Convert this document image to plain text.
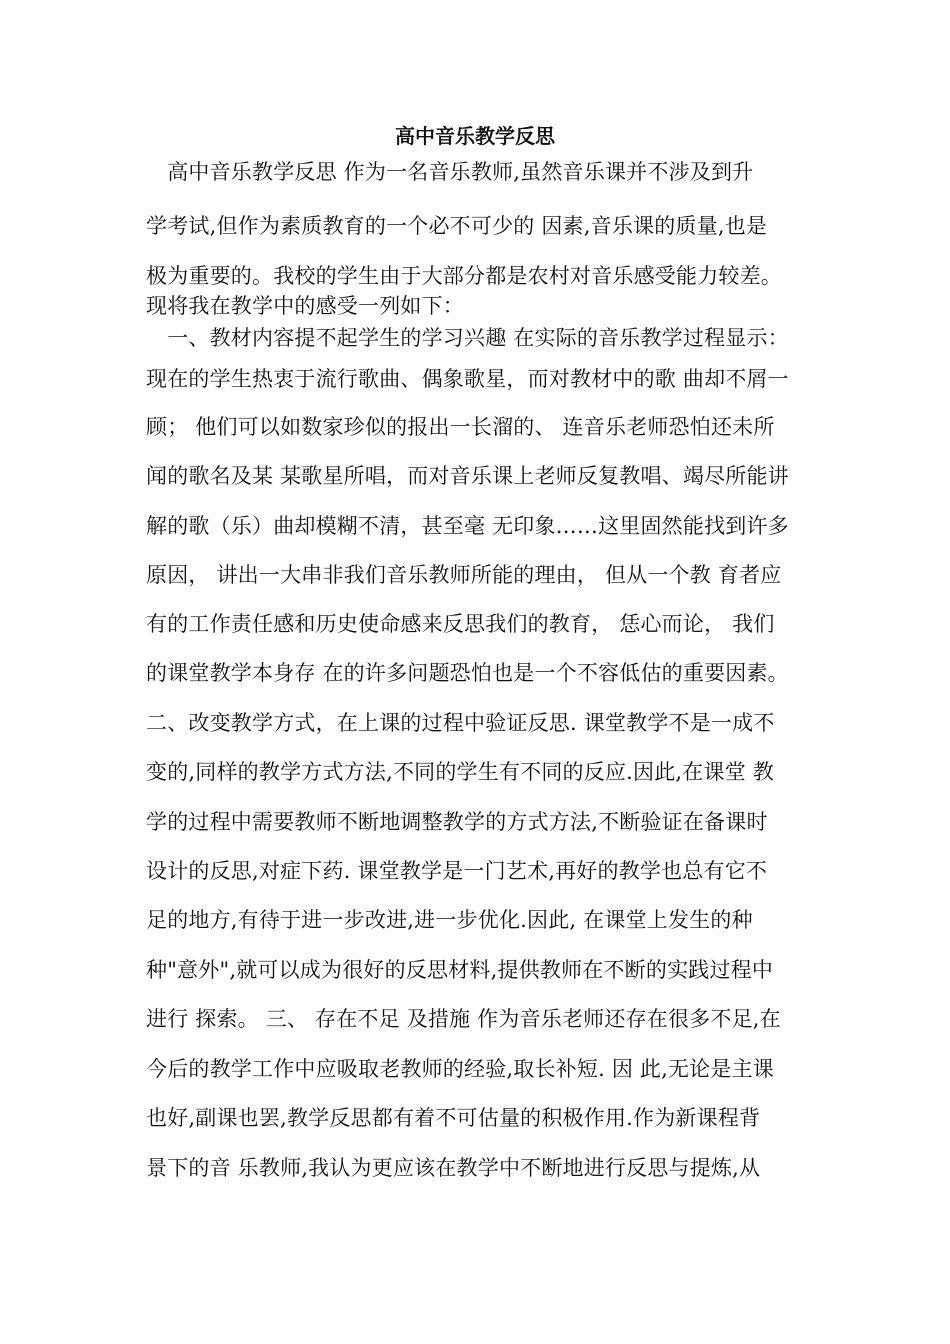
高中音乐教学反思
　高中音乐教学反思 作为一名音乐教师,虽然音乐课并不涉及到升
学考试,但作为素质教育的一个必不可少的 因素,音乐课的质量,也是
极为重要的。我校的学生由于大部分都是农村对音乐感受能力较差。
现将我在教学中的感受一列如下：
　一、教材内容提不起学生的学习兴趣 在实际的音乐教学过程显示：
现在的学生热衷于流行歌曲、偶象歌星，而对教材中的歌 曲却不屑一
顾； 他们可以如数家珍似的报出一长溜的、 连音乐老师恐怕还未所
闻的歌名及某 某歌星所唱，而对音乐课上老师反复教唱、竭尽所能讲
解的歌（乐）曲却模糊不清，甚至毫 无印象……这里固然能找到许多
原因， 讲出一大串非我们音乐教师所能的理由， 但从一个教 育者应
有的工作责任感和历史使命感来反思我们的教育， 恁心而论， 我们
的课堂教学本身存 在的许多问题恐怕也是一个不容低估的重要因素。
二、改变教学方式，在上课的过程中验证反思. 课堂教学不是一成不
变的,同样的教学方式方法,不同的学生有不同的反应.因此,在课堂 教
学的过程中需要教师不断地调整教学的方式方法,不断验证在备课时
设计的反思,对症下药. 课堂教学是一门艺术,再好的教学也总有它不
足的地方,有待于进一步改进,进一步优化.因此, 在课堂上发生的种
种"意外",就可以成为很好的反思材料,提供教师在不断的实践过程中
进行 探索。 三、 存在不足 及措施 作为音乐老师还存在很多不足,在
今后的教学工作中应吸取老教师的经验,取长补短. 因 此,无论是主课
也好,副课也罢,教学反思都有着不可估量的积极作用.作为新课程背
景下的音 乐教师,我认为更应该在教学中不断地进行反思与提炼,从
